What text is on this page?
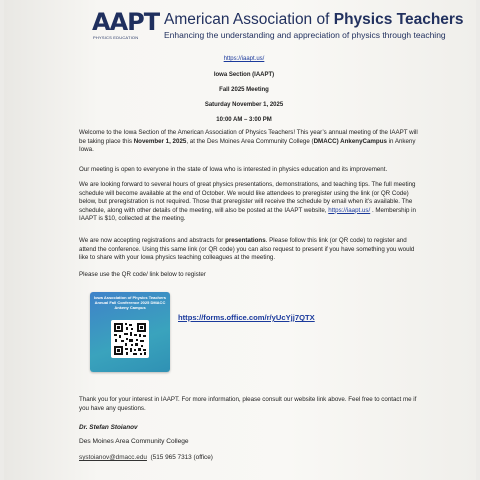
AAPT
PHYSICS EDUCATION
American Association of Physics Teachers
Enhancing the understanding and appreciation of physics through teaching
https://iaapt.us/
Iowa Section (IAAPT)
Fall 2025 Meeting
Saturday November 1, 2025
10:00 AM – 3:00 PM
Welcome to the Iowa Section of the American Association of Physics Teachers! This year’s annual meeting of the IAAPT will be taking place this November 1, 2025, at the Des Moines Area Community College (DMACC) AnkenyCampus in Ankeny Iowa.
Our meeting is open to everyone in the state of Iowa who is interested in physics education and its improvement.
We are looking forward to several hours of great physics presentations, demonstrations, and teaching tips. The full meeting schedule will become available at the end of October. We would like attendees to preregister using the link (or QR Code) below, but preregistration is not required. Those that preregister will receive the schedule by email when it’s available. The schedule, along with other details of the meeting, will also be posted at the IAAPT website, https://iaapt.us/ . Membership in IAAPT is $10, collected at the meeting.
We are now accepting registrations and abstracts for presentations. Please follow this link (or QR code) to register and attend the conference. Using this same link (or QR code) you can also request to present if you have something you would like to share with your Iowa physics teaching colleagues at the meeting.
Please use the QR code/ link below to register
Iowa Association of Physics Teachers Annual Fall Conference 2025 DMACC Ankeny Campus
https://forms.office.com/r/yUcYjj7QTX
Thank you for your interest in IAAPT. For more information, please consult our website link above. Feel free to contact me if you have any questions.
Dr. Stefan Stoianov
Des Moines Area Community College
systoianov@dmacc.edu (515 965 7313 (office)
